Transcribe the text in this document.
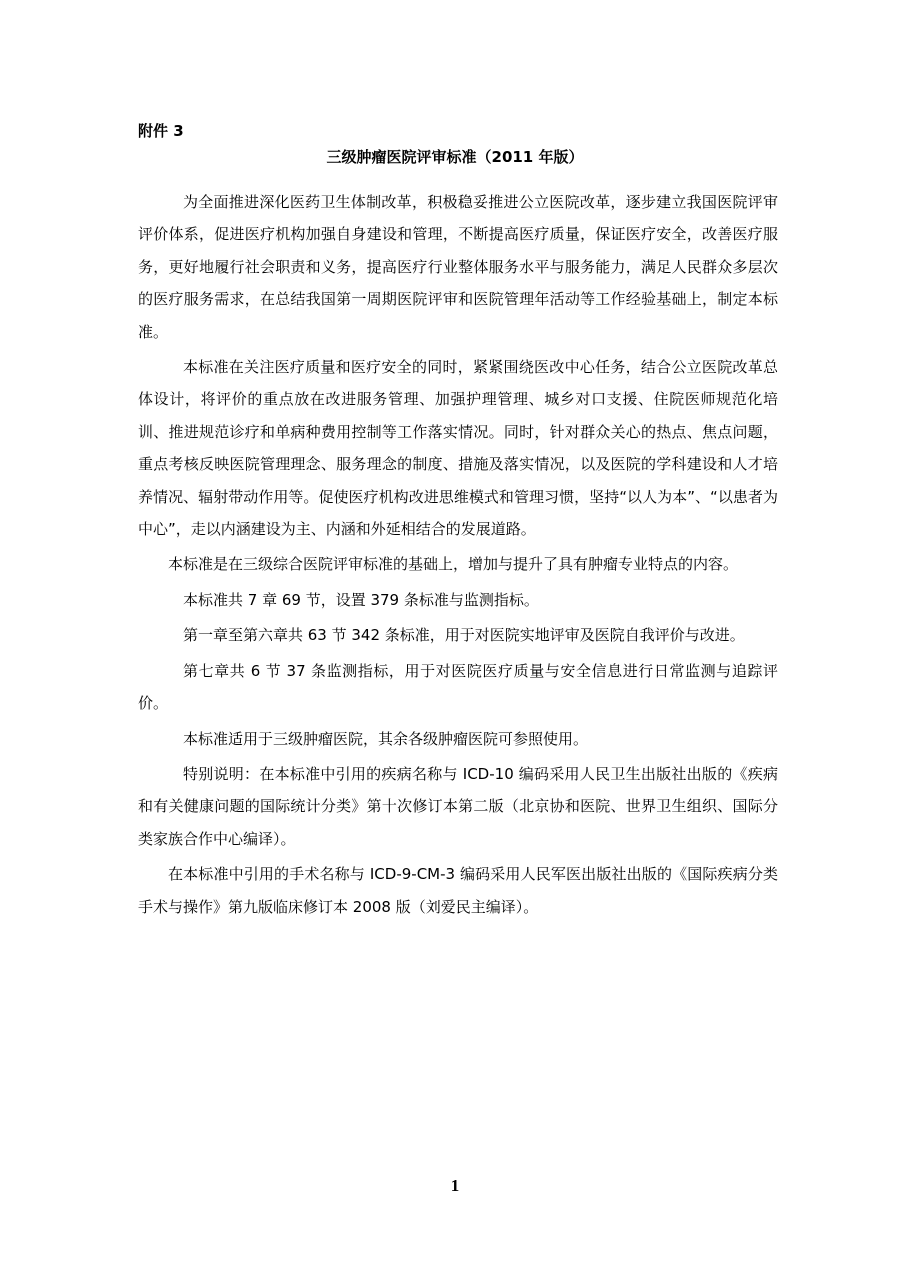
附件 3

三级肿瘤医院评审标准（2011 年版）

为全面推进深化医药卫生体制改革，积极稳妥推进公立医院改革，逐步建立我国医院评审评价体系，促进医疗机构加强自身建设和管理，不断提高医疗质量，保证医疗安全，改善医疗服务，更好地履行社会职责和义务，提高医疗行业整体服务水平与服务能力，满足人民群众多层次的医疗服务需求，在总结我国第一周期医院评审和医院管理年活动等工作经验基础上，制定本标准。

本标准在关注医疗质量和医疗安全的同时，紧紧围绕医改中心任务，结合公立医院改革总体设计，将评价的重点放在改进服务管理、加强护理管理、城乡对口支援、住院医师规范化培训、推进规范诊疗和单病种费用控制等工作落实情况。同时，针对群众关心的热点、焦点问题，重点考核反映医院管理理念、服务理念的制度、措施及落实情况，以及医院的学科建设和人才培养情况、辐射带动作用等。促使医疗机构改进思维模式和管理习惯，坚持“以人为本”、“以患者为中心”，走以内涵建设为主、内涵和外延相结合的发展道路。

本标准是在三级综合医院评审标准的基础上，增加与提升了具有肿瘤专业特点的内容。

本标准共 7 章 69 节，设置 379 条标准与监测指标。

第一章至第六章共 63 节 342 条标准，用于对医院实地评审及医院自我评价与改进。

第七章共 6 节 37 条监测指标，用于对医院医疗质量与安全信息进行日常监测与追踪评价。

本标准适用于三级肿瘤医院，其余各级肿瘤医院可参照使用。

特别说明：在本标准中引用的疾病名称与 ICD-10 编码采用人民卫生出版社出版的《疾病和有关健康问题的国际统计分类》第十次修订本第二版（北京协和医院、世界卫生组织、国际分类家族合作中心编译）。

在本标准中引用的手术名称与 ICD-9-CM-3 编码采用人民军医出版社出版的《国际疾病分类手术与操作》第九版临床修订本 2008 版（刘爱民主编译）。

1
